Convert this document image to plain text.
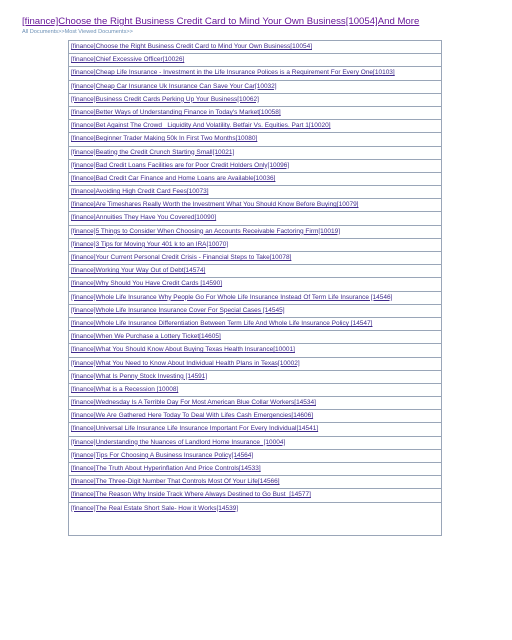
[finance]Choose the Right Business Credit Card to Mind Your Own Business[10054]And More
All Documents>>Most Viewed Documents>>
[finance]Choose the Right Business Credit Card to Mind Your Own Business[10054]
[finance]Chief Excessive Officer[10026]
[finance]Cheap Life Insurance - Investment in the Life Insurance Polices is a Requirement For Every One[10103]
[finance]Cheap Car Insurance Uk Insurance Can Save Your Car[10032]
[finance]Business Credit Cards Perking Up Your Business[10062]
[finance]Better Ways of Understanding Finance in Today's Market[10058]
[finance]Bet Against The Crowd_ Liquidity And Volatility. Betfair Vs. Equities. Part 1[10020]
[finance]Beginner Trader Making 50k In First Two Months[10080]
[finance]Beating the Credit Crunch Starting Small[10021]
[finance]Bad Credit Loans Facilities are for Poor Credit Holders Only[10096]
[finance]Bad Credit Car Finance and Home Loans are Available[10036]
[finance]Avoiding High Credit Card Fees[10073]
[finance]Are Timeshares Really Worth the Investment What You Should Know Before Buying[10079]
[finance]Annuities They Have You Covered[10090]
[finance]5 Things to Consider When Choosing an Accounts Receivable Factoring Firm[10019]
[finance]3 Tips for Moving Your 401 k to an IRA[10070]
[finance]Your Current Personal Credit Crisis - Financial Steps to Take[10078]
[finance]Working Your Way Out of Debt[14574]
[finance]Why Should You Have Credit Cards [14590]
[finance]Whole Life Insurance Why People Go For Whole Life Insurance Instead Of Term Life Insurance [14546]
[finance]Whole Life Insurance Insurance Cover For Special Cases [14545]
[finance]Whole Life Insurance Differentiation Between Term Life And Whole Life Insurance Policy [14547]
[finance]When We Purchase a Lottery Ticket[14605]
[finance]What You Should Know About Buying Texas Health Insurance[10001]
[finance]What You Need to Know About Individual Health Plans in Texas[10002]
[finance]What Is Penny Stock Investing [14591]
[finance]What is a Recession [10008]
[finance]Wednesday Is A Terrible Day For Most American Blue Collar Workers[14534]
[finance]We Are Gathered Here Today To Deal With Lifes Cash Emergencies[14606]
[finance]Universal Life Insurance Life Insurance Important For Every Individual[14541]
[finance]Understanding the Nuances of Landlord Home Insurance_[10004]
[finance]Tips For Choosing A Business Insurance Policy[14564]
[finance]The Truth About Hyperinflation And Price Controls[14533]
[finance]The Three-Digit Number That Controls Most Of Your Life[14566]
[finance]The Reason Why Inside Track Where Always Destined to Go Bust_[14577]
[finance]The Real Estate Short Sale- How it Works[14539]
